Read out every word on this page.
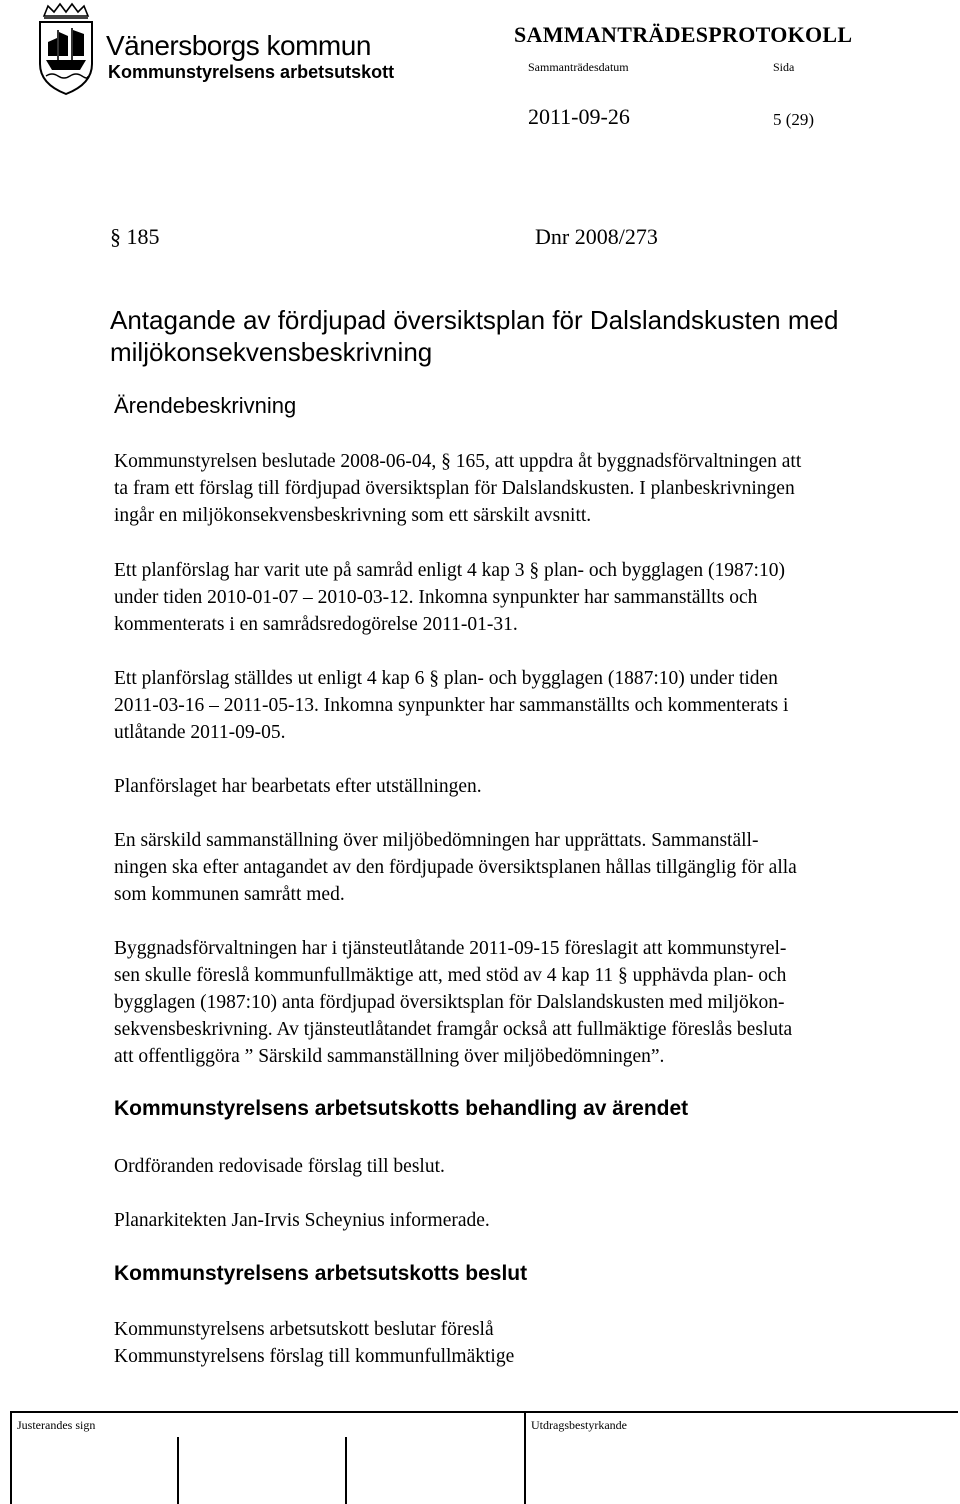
Vänersborgs kommun
Kommunstyrelsens arbetsutskott
SAMMANTRÄDESPROTOKOLL
Sammanträdesdatum	Sida
2011-09-26	5 (29)
§ 185	Dnr 2008/273
Antagande av fördjupad översiktsplan för Dalslandskusten med
miljökonsekvensbeskrivning
Ärendebeskrivning
Kommunstyrelsen beslutade 2008-06-04, § 165, att uppdra åt byggnadsförvaltningen att
ta fram ett förslag till fördjupad översiktsplan för Dalslandskusten. I planbeskrivningen
ingår en miljökonsekvensbeskrivning som ett särskilt avsnitt.
Ett planförslag har varit ute på samråd enligt 4 kap 3 § plan- och bygglagen (1987:10)
under tiden 2010-01-07 – 2010-03-12. Inkomna synpunkter har sammanställts och
kommenterats i en samrådsredogörelse 2011-01-31.
Ett planförslag ställdes ut enligt 4 kap 6 § plan- och bygglagen (1887:10) under tiden
2011-03-16 – 2011-05-13. Inkomna synpunkter har sammanställts och kommenterats i
utlåtande 2011-09-05.
Planförslaget har bearbetats efter utställningen.
En särskild sammanställning över miljöbedömningen har upprättats. Sammanställ-
ningen ska efter antagandet av den fördjupade översiktsplanen hållas tillgänglig för alla
som kommunen samrått med.
Byggnadsförvaltningen har i tjänsteutlåtande 2011-09-15 föreslagit att kommunstyrel-
sen skulle föreslå kommunfullmäktige att, med stöd av 4 kap 11 § upphävda plan- och
bygglagen (1987:10) anta fördjupad översiktsplan för Dalslandskusten med miljökon-
sekvensbeskrivning. Av tjänsteutlåtandet framgår också att fullmäktige föreslås besluta
att offentliggöra ” Särskild sammanställning över miljöbedömningen”.
Kommunstyrelsens arbetsutskotts behandling av ärendet
Ordföranden redovisade förslag till beslut.
Planarkitekten Jan-Irvis Scheynius informerade.
Kommunstyrelsens arbetsutskotts beslut
Kommunstyrelsens arbetsutskott beslutar föreslå
Kommunstyrelsens förslag till kommunfullmäktige
Justerandes sign	Utdragsbestyrkande
